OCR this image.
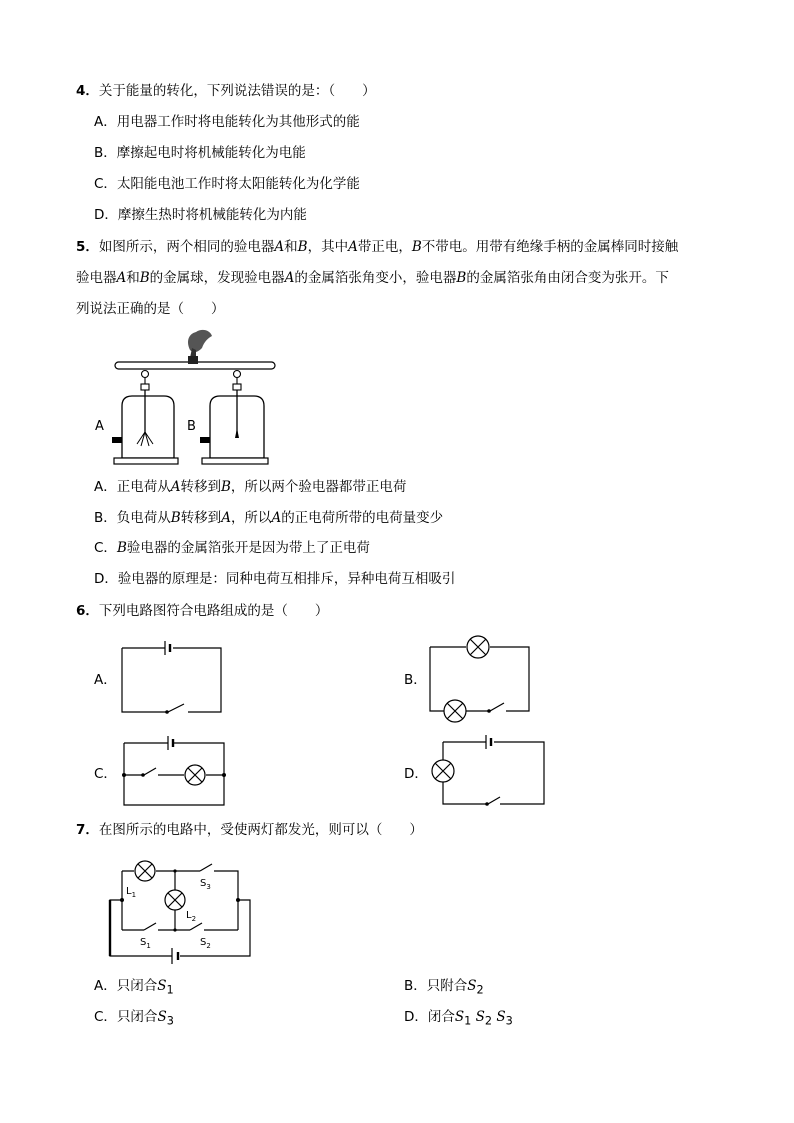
4．关于能量的转化，下列说法错误的是：（　　）
A．用电器工作时将电能转化为其他形式的能
B．摩擦起电时将机械能转化为电能
C．太阳能电池工作时将太阳能转化为化学能
D．摩擦生热时将机械能转化为内能
5．如图所示，两个相同的验电器A和B，其中A带正电，B不带电。用带有绝缘手柄的金属棒同时接触
验电器A和B的金属球，发现验电器A的金属箔张角变小，验电器B的金属箔张角由闭合变为张开。下
列说法正确的是（　　）
A	B
A．正电荷从A转移到B，所以两个验电器都带正电荷
B．负电荷从B转移到A，所以A的正电荷所带的电荷量变少
C．B验电器的金属箔张开是因为带上了正电荷
D．验电器的原理是：同种电荷互相排斥，异种电荷互相吸引
6．下列电路图符合电路组成的是（　　）
A．	B．
C．	D．
7．在图所示的电路中，受使两灯都发光，则可以（　　）
$L_1$
$L_2$
$S_3$
$S_1$	$S_2$
A．只闭合$S_1$	B．只附合$S_2$
C．只闭合$S_3$	D．闭合$S_1$ $S_2$ $S_3$
